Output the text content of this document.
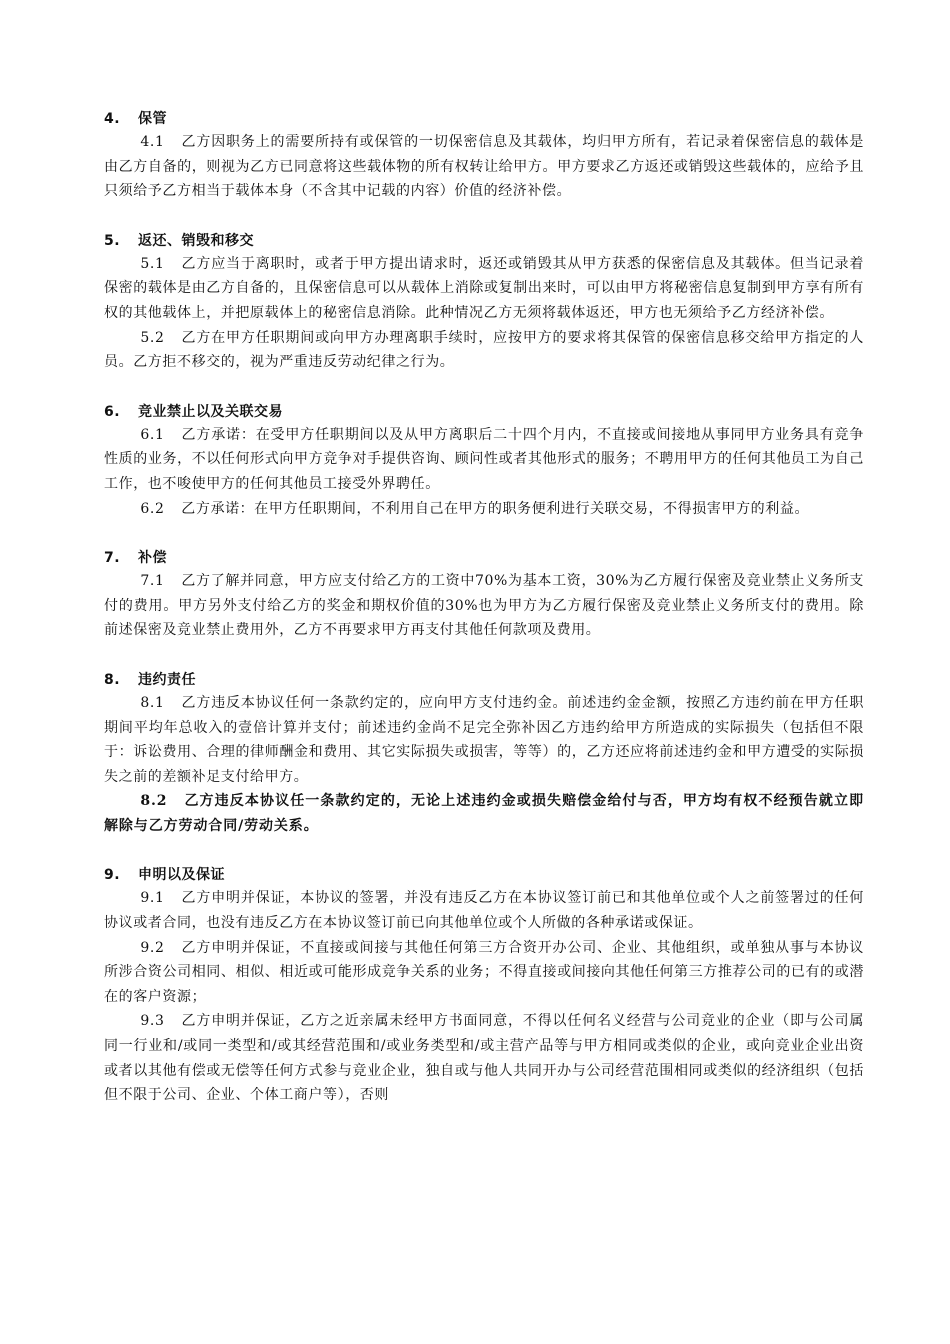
4. 保管
4.1 乙方因职务上的需要所持有或保管的一切保密信息及其载体，均归甲方所有，若记录着保密信息的载体是由乙方自备的，则视为乙方已同意将这些载体物的所有权转让给甲方。甲方要求乙方返还或销毁这些载体的，应给予且只须给予乙方相当于载体本身（不含其中记载的内容）价值的经济补偿。
5. 返还、销毁和移交
5.1 乙方应当于离职时，或者于甲方提出请求时，返还或销毁其从甲方获悉的保密信息及其载体。但当记录着保密的载体是由乙方自备的，且保密信息可以从载体上消除或复制出来时，可以由甲方将秘密信息复制到甲方享有所有权的其他载体上，并把原载体上的秘密信息消除。此种情况乙方无须将载体返还，甲方也无须给予乙方经济补偿。
5.2 乙方在甲方任职期间或向甲方办理离职手续时，应按甲方的要求将其保管的保密信息移交给甲方指定的人员。乙方拒不移交的，视为严重违反劳动纪律之行为。
6. 竞业禁止以及关联交易
6.1 乙方承诺：在受甲方任职期间以及从甲方离职后二十四个月内，不直接或间接地从事同甲方业务具有竞争性质的业务，不以任何形式向甲方竞争对手提供咨询、顾问性或者其他形式的服务；不聘用甲方的任何其他员工为自己工作，也不唆使甲方的任何其他员工接受外界聘任。
6.2 乙方承诺：在甲方任职期间，不利用自己在甲方的职务便利进行关联交易，不得损害甲方的利益。
7. 补偿
7.1 乙方了解并同意，甲方应支付给乙方的工资中70%为基本工资，30%为乙方履行保密及竞业禁止义务所支付的费用。甲方另外支付给乙方的奖金和期权价值的30%也为甲方为乙方履行保密及竞业禁止义务所支付的费用。除前述保密及竞业禁止费用外，乙方不再要求甲方再支付其他任何款项及费用。
8. 违约责任
8.1 乙方违反本协议任何一条款约定的，应向甲方支付违约金。前述违约金金额，按照乙方违约前在甲方任职期间平均年总收入的壹倍计算并支付；前述违约金尚不足完全弥补因乙方违约给甲方所造成的实际损失（包括但不限于：诉讼费用、合理的律师酬金和费用、其它实际损失或损害，等等）的，乙方还应将前述违约金和甲方遭受的实际损失之前的差额补足支付给甲方。
8.2 乙方违反本协议任一条款约定的，无论上述违约金或损失赔偿金给付与否，甲方均有权不经预告就立即解除与乙方劳动合同/劳动关系。
9. 申明以及保证
9.1 乙方申明并保证，本协议的签署，并没有违反乙方在本协议签订前已和其他单位或个人之前签署过的任何协议或者合同，也没有违反乙方在本协议签订前已向其他单位或个人所做的各种承诺或保证。
9.2 乙方申明并保证，不直接或间接与其他任何第三方合资开办公司、企业、其他组织，或单独从事与本协议所涉合资公司相同、相似、相近或可能形成竞争关系的业务；不得直接或间接向其他任何第三方推荐公司的已有的或潜在的客户资源；
9.3 乙方申明并保证，乙方之近亲属未经甲方书面同意，不得以任何名义经营与公司竞业的企业（即与公司属同一行业和/或同一类型和/或其经营范围和/或业务类型和/或主营产品等与甲方相同或类似的企业，或向竞业企业出资或者以其他有偿或无偿等任何方式参与竞业企业，独自或与他人共同开办与公司经营范围相同或类似的经济组织（包括但不限于公司、企业、个体工商户等），否则
